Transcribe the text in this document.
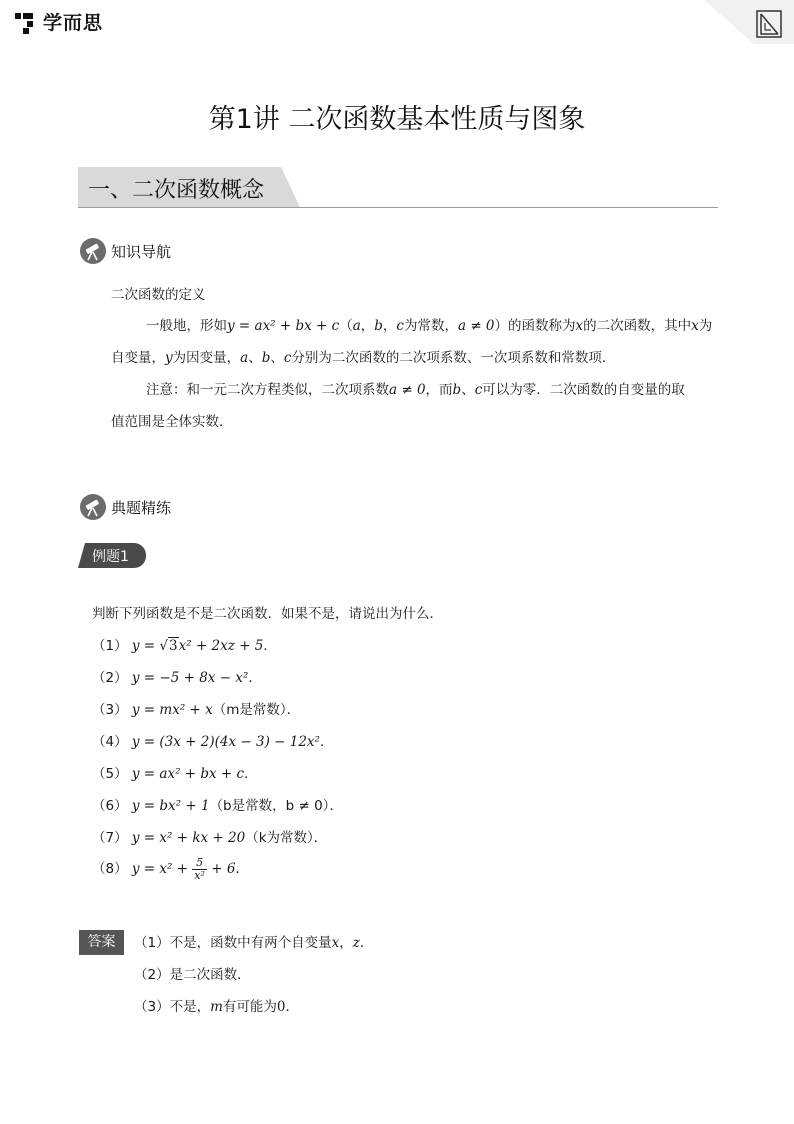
学而思
第1讲 二次函数基本性质与图象
一、二次函数概念
知识导航
二次函数的定义
一般地，形如y = ax² + bx + c（a，b，c为常数，a ≠ 0）的函数称为x的二次函数，其中x为
自变量，y为因变量，a、b、c分别为二次函数的二次项系数、一次项系数和常数项．
注意：和一元二次方程类似，二次项系数a ≠ 0，而b、c可以为零．二次函数的自变量的取
值范围是全体实数．
典题精练
例题1
判断下列函数是不是二次函数．如果不是，请说出为什么．
（1） y = √3x² + 2xz + 5．
（2） y = −5 + 8x − x²．
（3） y = mx² + x（m是常数）．
（4） y = (3x + 2)(4x − 3) − 12x²．
（5） y = ax² + bx + c．
（6） y = bx² + 1（b是常数，b ≠ 0）．
（7） y = x² + kx + 20（k为常数）．
（8） $y = x^2 + \frac{5}{\text{x²}} + 6$．
答案	（1）不是，函数中有两个自变量x，z．
（2）是二次函数．
（3）不是，m有可能为0．
